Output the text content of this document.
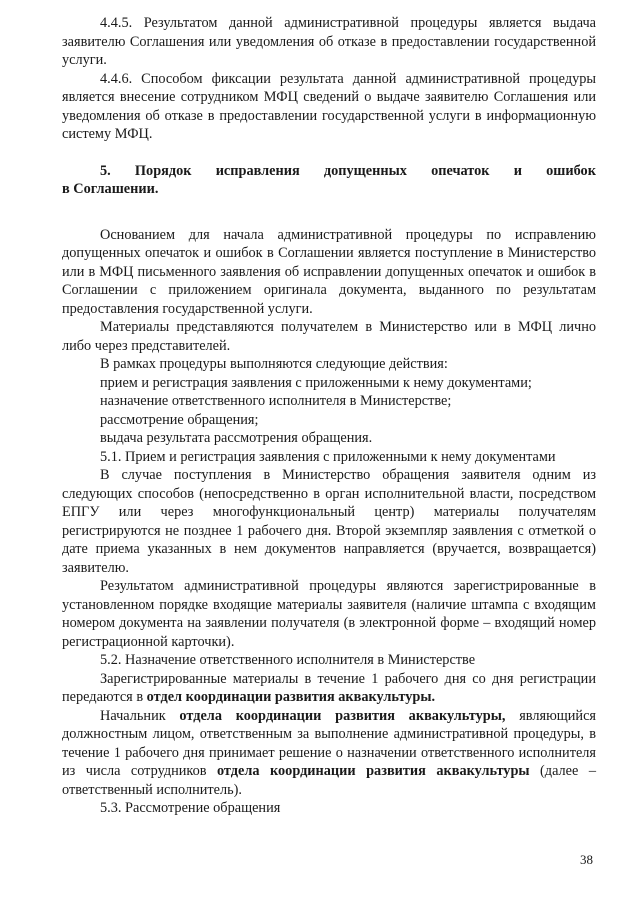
4.4.5. Результатом данной административной процедуры является выдача заявителю Соглашения или уведомления об отказе в предоставлении государственной услуги.

4.4.6. Способом фиксации результата данной административной процедуры является внесение сотрудником МФЦ сведений о выдаче заявителю Соглашения или уведомления об отказе в предоставлении государственной услуги в информационную систему МФЦ.

5. Порядок исправления допущенных опечаток и ошибок
в Соглашении.

Основанием для начала административной процедуры по исправлению допущенных опечаток и ошибок в Соглашении является поступление в Министерство или в МФЦ письменного заявления об исправлении допущенных опечаток и ошибок в Соглашении с приложением оригинала документа, выданного по результатам предоставления государственной услуги.

Материалы представляются получателем в Министерство или в МФЦ лично либо через представителей.

В рамках процедуры выполняются следующие действия:

прием и регистрация заявления с приложенными к нему документами;

назначение ответственного исполнителя в Министерстве;

рассмотрение обращения;

выдача результата рассмотрения обращения.

5.1. Прием и регистрация заявления с приложенными к нему документами

В случае поступления в Министерство обращения заявителя одним из следующих способов (непосредственно в орган исполнительной власти, посредством ЕПГУ или через многофункциональный центр) материалы получателям регистрируются не позднее 1 рабочего дня. Второй экземпляр заявления с отметкой о дате приема указанных в нем документов направляется (вручается, возвращается) заявителю.

Результатом административной процедуры являются зарегистрированные в установленном порядке входящие материалы заявителя (наличие штампа с входящим номером документа на заявлении получателя (в электронной форме – входящий номер регистрационной карточки).

5.2. Назначение ответственного исполнителя в Министерстве

Зарегистрированные материалы в течение 1 рабочего дня со дня регистрации передаются в отдел координации развития аквакультуры.

Начальник отдела координации развития аквакультуры, являющийся должностным лицом, ответственным за выполнение административной процедуры, в течение 1 рабочего дня принимает решение о назначении ответственного исполнителя из числа сотрудников отдела координации развития аквакультуры (далее – ответственный исполнитель).

5.3. Рассмотрение обращения

38
